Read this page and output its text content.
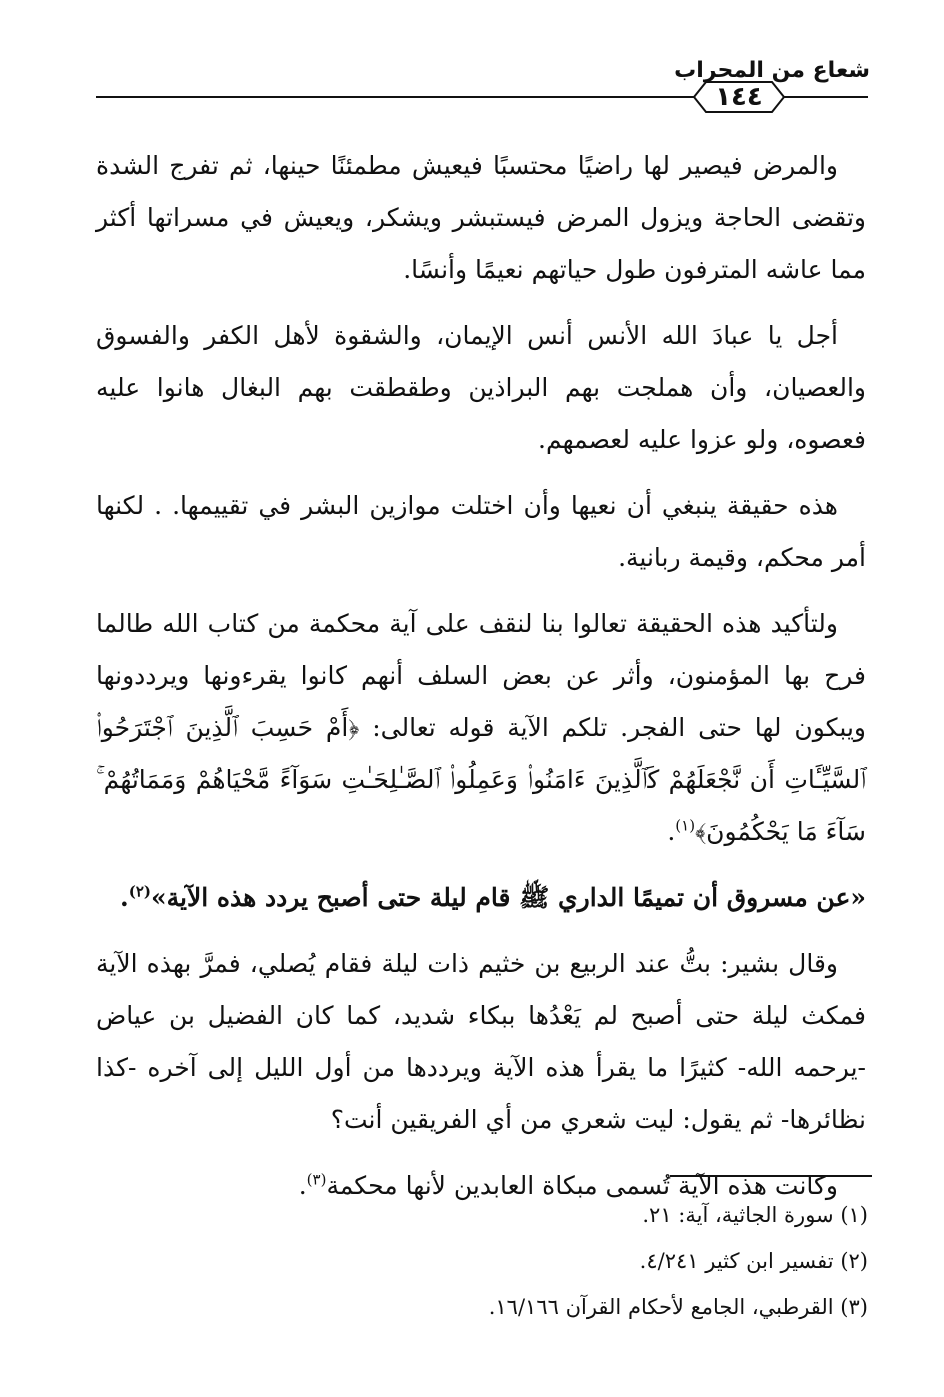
شعاع من المحراب
١٤٤

والمرض فيصير لها راضيًا محتسبًا فيعيش مطمئنًا حينها، ثم تفرج الشدة وتقضى الحاجة ويزول المرض فيستبشر ويشكر، ويعيش في مسراتها أكثر مما عاشه المترفون طول حياتهم نعيمًا وأنسًا.

أجل يا عبادَ الله الأنس أنس الإيمان، والشقوة لأهل الكفر والفسوق والعصيان، وأن هملجت بهم البراذين وطقطقت بهم البغال هانوا عليه فعصوه، ولو عزوا عليه لعصمهم.

هذه حقيقة ينبغي أن نعيها وأن اختلت موازين البشر في تقييمها. . لكنها أمر محكم، وقيمة ربانية.

ولتأكيد هذه الحقيقة تعالوا بنا لنقف على آية محكمة من كتاب الله طالما فرح بها المؤمنون، وأثر عن بعض السلف أنهم كانوا يقرءونها ويرددونها ويبكون لها حتى الفجر. تلكم الآية قوله تعالى: ﴿أَمْ حَسِبَ ٱلَّذِينَ ٱجْتَرَحُوا۟ ٱلسَّيِّـَٔاتِ أَن نَّجْعَلَهُمْ كَٱلَّذِينَ ءَامَنُوا۟ وَعَمِلُوا۟ ٱلصَّـٰلِحَـٰتِ سَوَآءً مَّحْيَاهُمْ وَمَمَاتُهُمْ ۚ سَآءَ مَا يَحْكُمُونَ﴾$^{(١)}$.

«عن مسروق أن تميمًا الداري ﷺ قام ليلة حتى أصبح يردد هذه الآية»$^{(٢)}$.

وقال بشير: بتُّ عند الربيع بن خثيم ذات ليلة فقام يُصلي، فمرَّ بهذه الآية فمكث ليلة حتى أصبح لم يَعْدُها ببكاء شديد، كما كان الفضيل بن عياض -يرحمه الله- كثيرًا ما يقرأ هذه الآية ويرددها من أول الليل إلى آخره -كذا نظائرها- ثم يقول: ليت شعري من أي الفريقين أنت؟

وكانت هذه الآية تُسمى مبكاة العابدين لأنها محكمة$^{(٣)}$.

(١) سورة الجاثية، آية: ٢١.
(٢) تفسير ابن كثير ٤/٢٤١.
(٣) القرطبي، الجامع لأحكام القرآن ١٦/١٦٦.
